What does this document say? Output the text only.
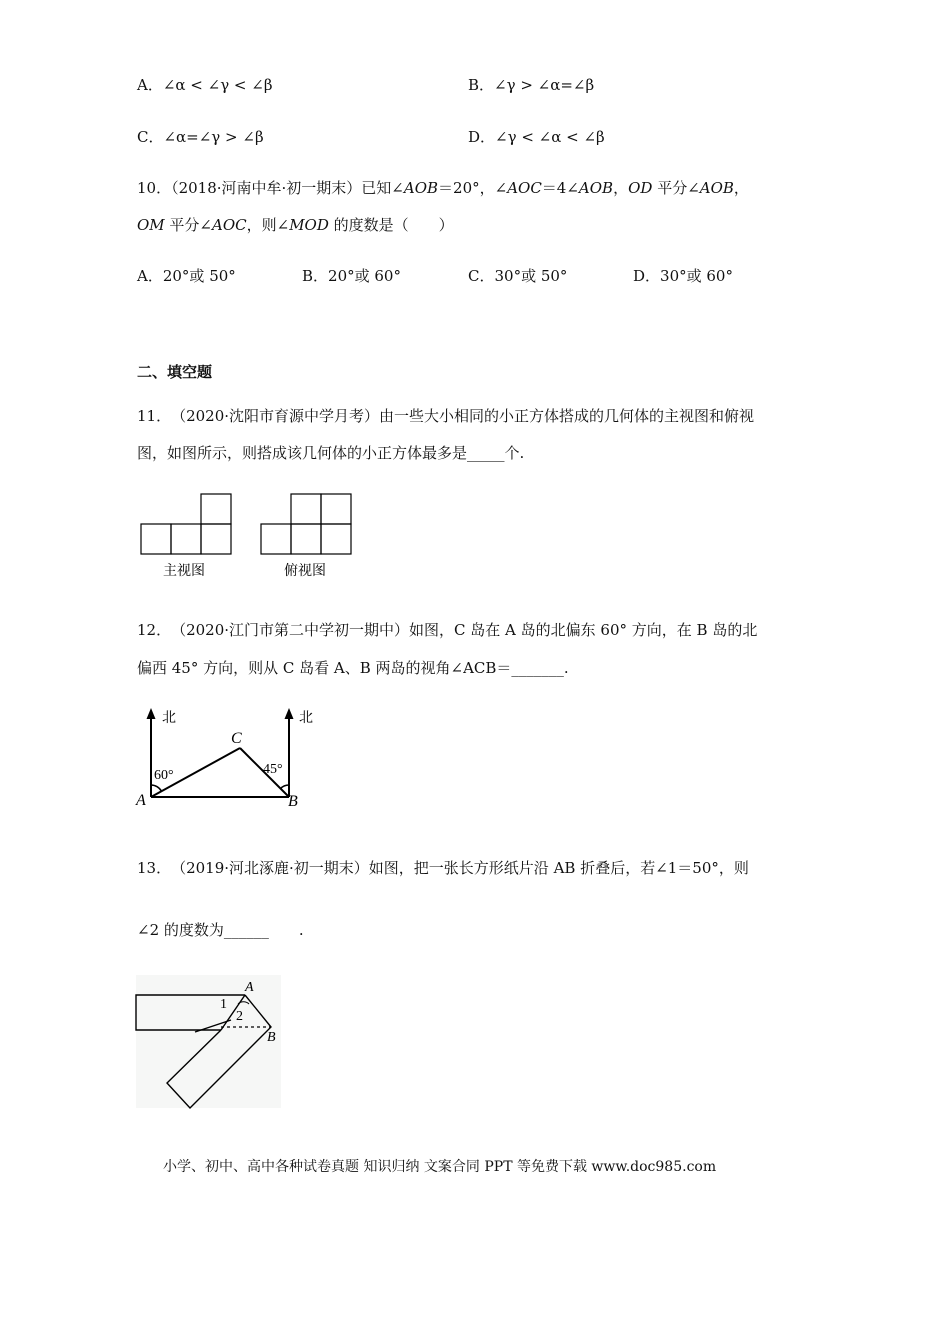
A．∠α < ∠γ < ∠β	B．∠γ > ∠α=∠β
C．∠α=∠γ > ∠β	D．∠γ < ∠α < ∠β
10．（2018·河南中牟·初一期末）已知∠AOB＝20°，∠AOC＝4∠AOB，OD 平分∠AOB，
OM 平分∠AOC，则∠MOD 的度数是（　　）
A．20°或 50°	B．20°或 60°	C．30°或 50°	D．30°或 60°
二、填空题
11．　（2020·沈阳市育源中学月考）由一些大小相同的小正方体搭成的几何体的主视图和俯视
图，如图所示，则搭成该几何体的小正方体最多是_____个.
主视图	俯视图
12．　（2020·江门市第二中学初一期中）如图，C 岛在 A 岛的北偏东 60° 方向，在 B 岛的北
偏西 45° 方向，则从 C 岛看 A、B 两岛的视角∠ACB＝_______.
北	北
60°	45°
A	B
C
13．　（2019·河北涿鹿·初一期末）如图，把一张长方形纸片沿 AB 折叠后，若∠1＝50°，则
∠2 的度数为______　　.
1
2
A
B
小学、初中、高中各种试卷真题 知识归纳 文案合同 PPT 等免费下载 www.doc985.com
